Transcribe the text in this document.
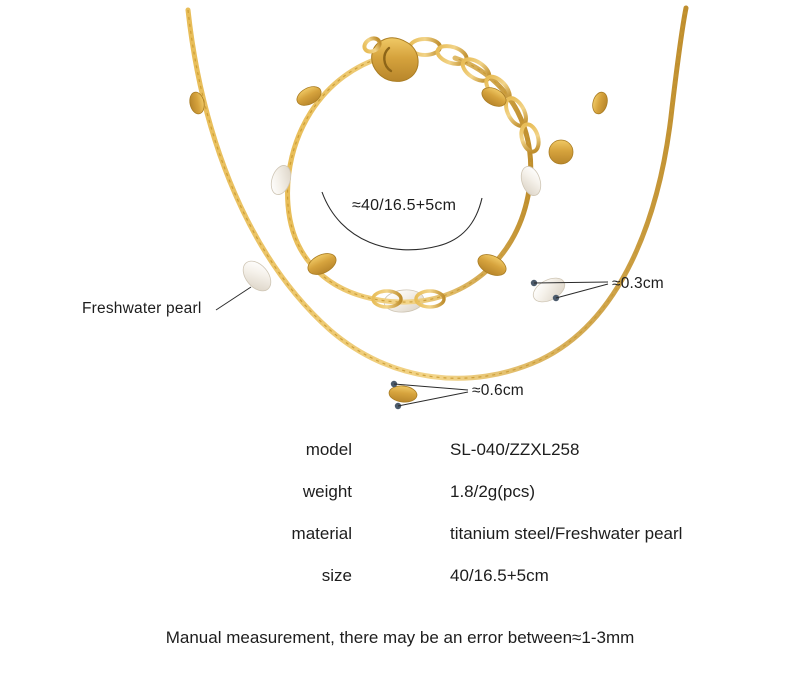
≈40/16.5+5cm
≈0.3cm
≈0.6cm
Freshwater pearl
model	SL-040/ZZXL258
weight	1.8/2g(pcs)
material	titanium steel/Freshwater pearl
size	40/16.5+5cm
Manual measurement, there may be an error between≈1-3mm
